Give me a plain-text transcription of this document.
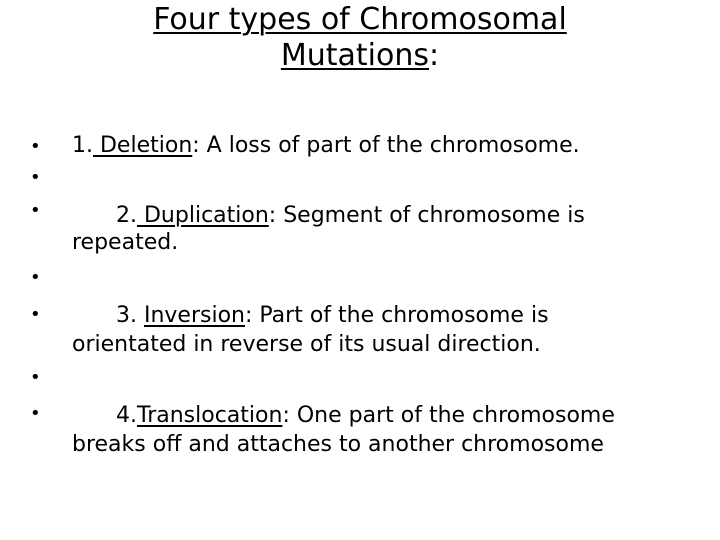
Four types of Chromosomal
Mutations:
• 1. Deletion: A loss of part of the chromosome.
•
•	2. Duplication: Segment of chromosome is
repeated.
•
•	3. Inversion: Part of the chromosome is
orientated in reverse of its usual direction.
•
•	4.Translocation: One part of the chromosome
breaks off and attaches to another chromosome
